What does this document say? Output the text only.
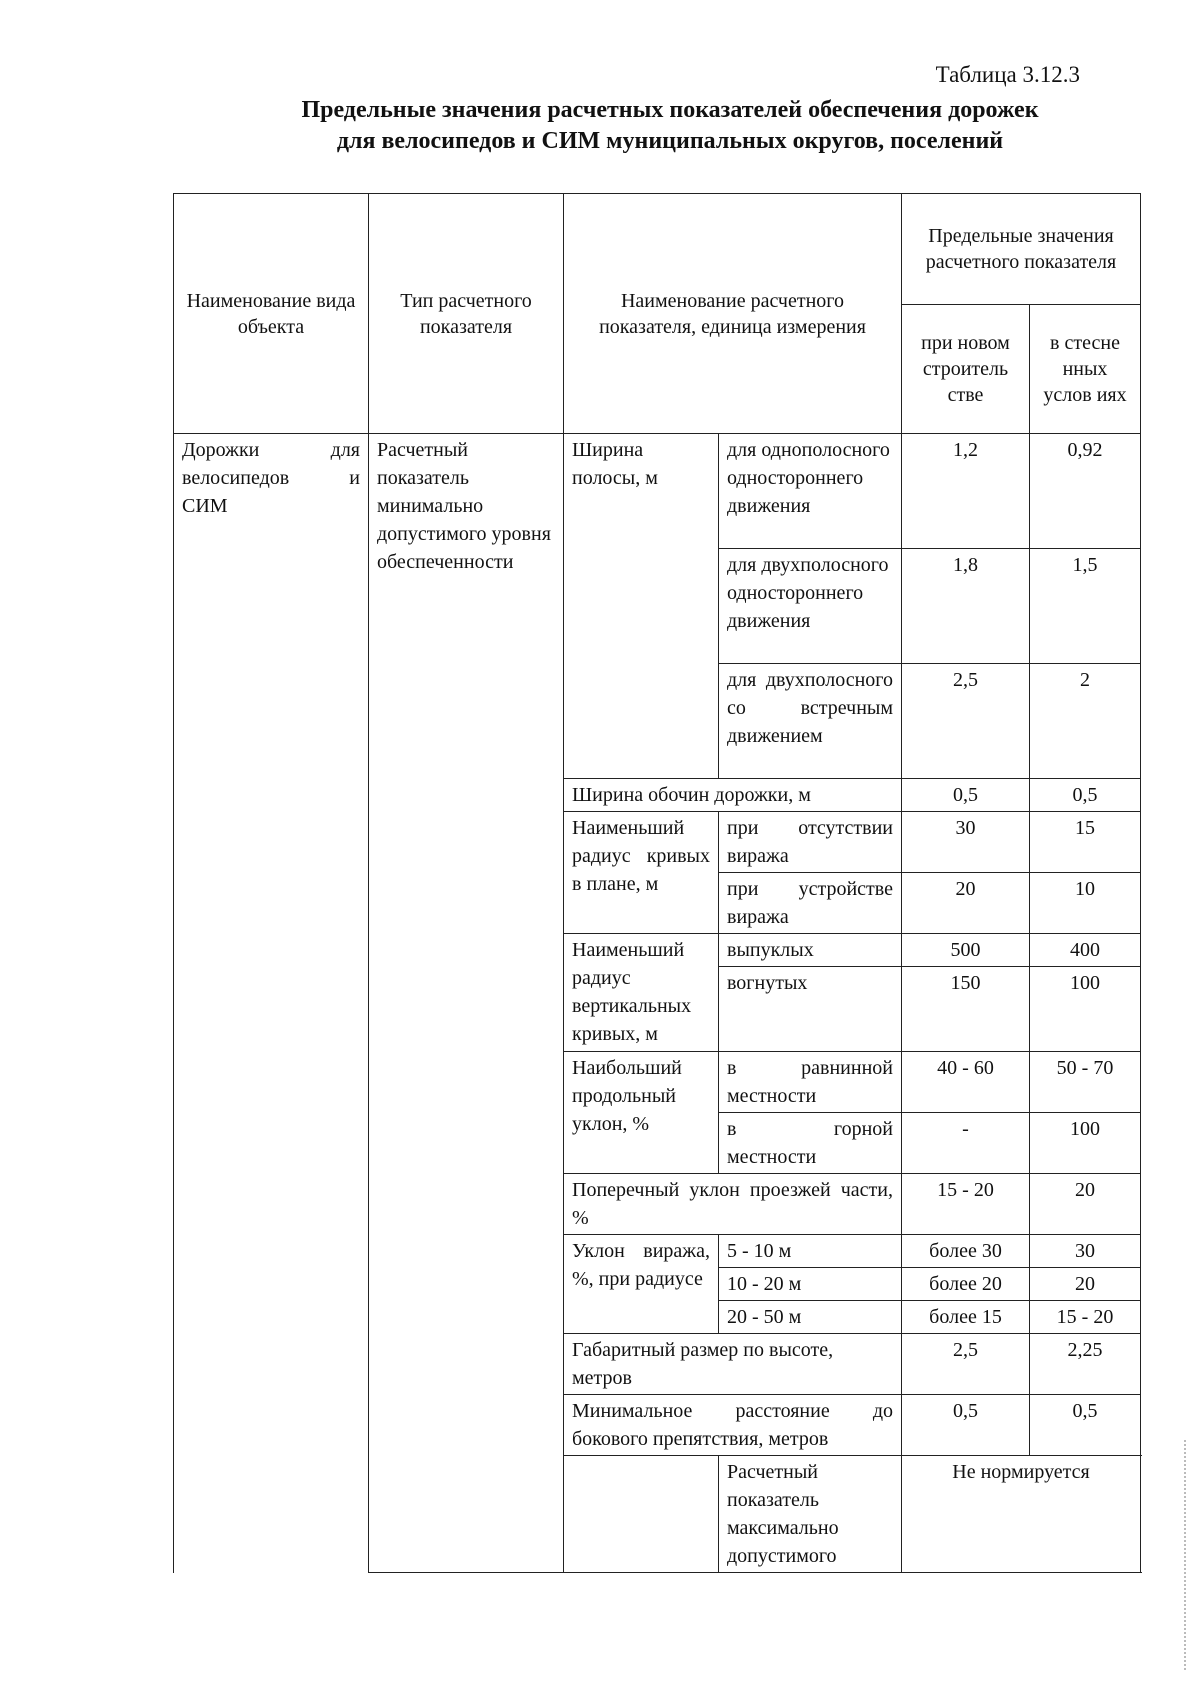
Таблица 3.12.3
Предельные значения расчетных показателей обеспечения дорожек
для велосипедов и СИМ муниципальных округов, поселений
Наименование вида объекта	Тип расчетного показателя	Наименование расчетного показателя, единица измерения		Предельные значения расчетного показателя	
				при новом строитель стве	в стесне нных услов иях

Дорожки для
велосипедов и
СИМ	Расчетный показатель минимально допустимого уровня обеспеченности	Ширина полосы, м	для однополосного одностороннего движения	1,2	0,92
			для двухполосного одностороннего движения	1,8	1,5
			для двухполосного со встречным движением	2,5	2
		Ширина обочин дорожки, м		0,5	0,5
		Наименьший радиус кривых в плане, м	при отсутствии виража	30	15
			при устройстве виража	20	10
		Наименьший радиус вертикальных кривых, м	выпуклых	500	400
			вогнутых	150	100
		Наибольший продольный уклон, %	в равнинной местности	40 - 60	50 - 70
			в горной местности	-	100
		Поперечный уклон проезжей части, %		15 - 20	20
		Уклон виража, %, при радиусе	5 - 10 м	более 30	30
			10 - 20 м	более 20	20
			20 - 50 м	более 15	15 - 20
		Габаритный размер по высоте, метров		2,5	2,25
		Минимальное расстояние до бокового препятствия, метров		0,5	0,5
			Расчетный показатель максимально допустимого	Не нормируется	
